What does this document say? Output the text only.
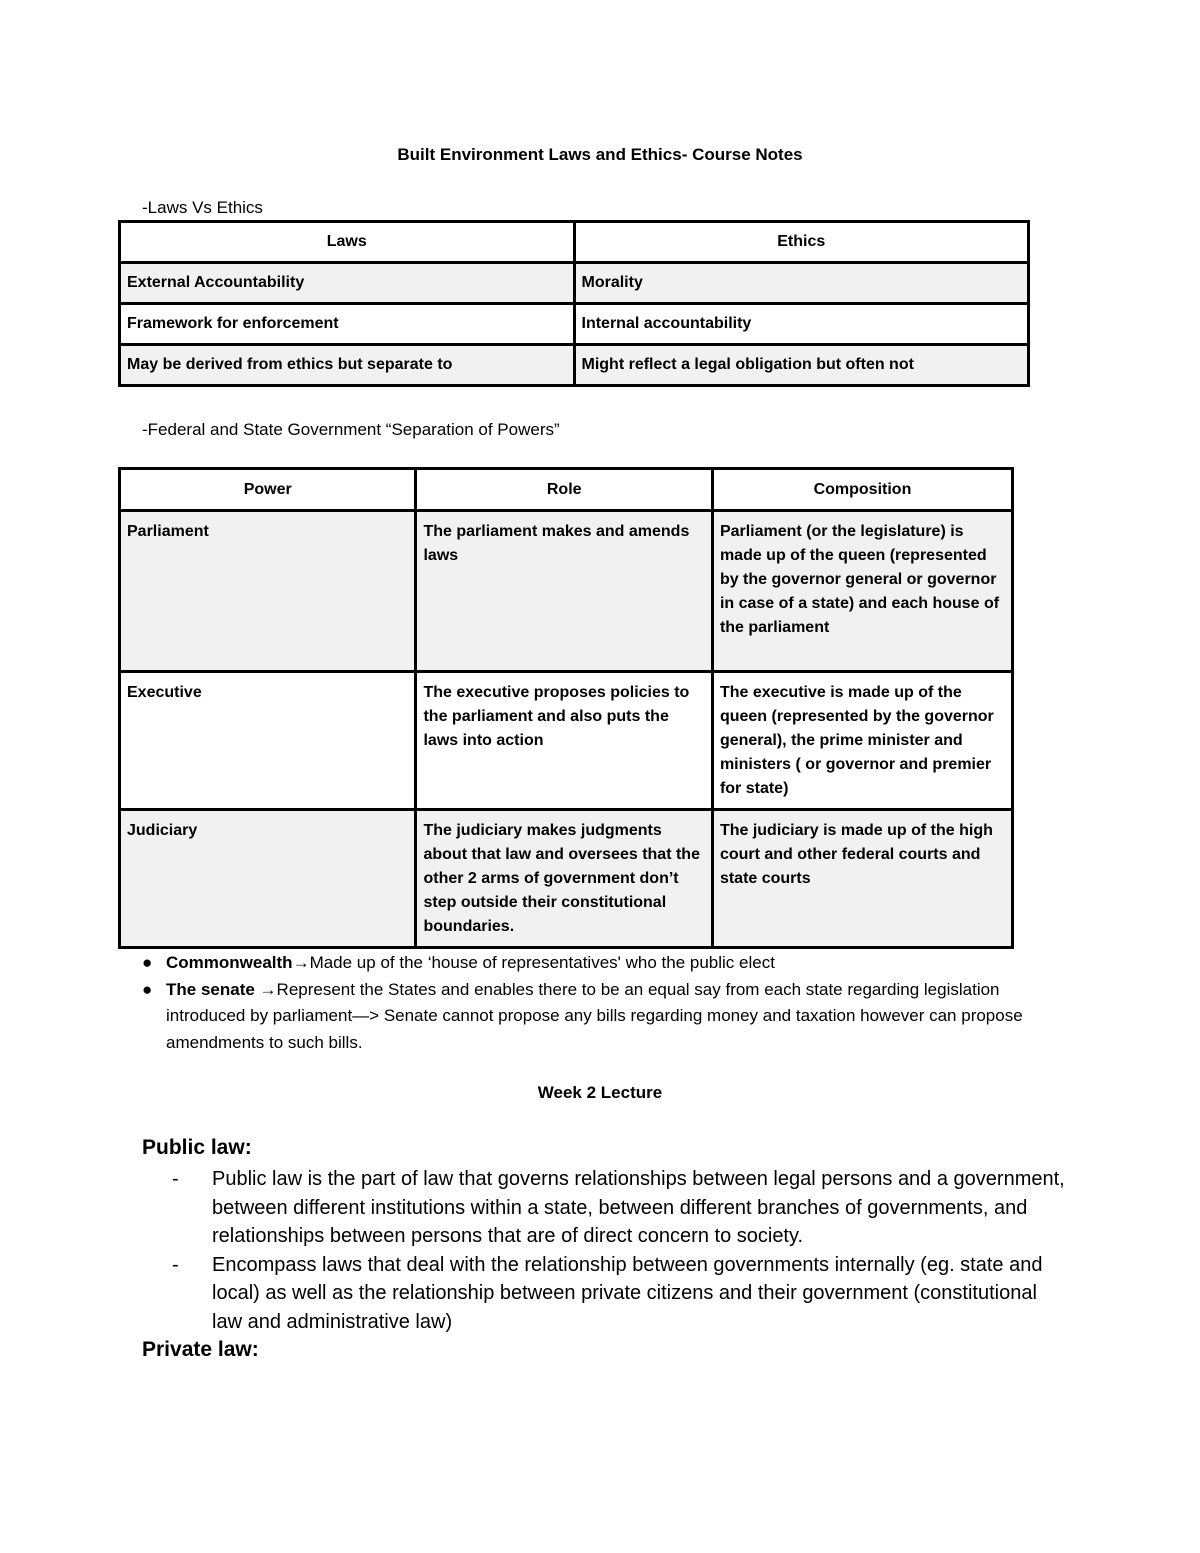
Built Environment Laws and Ethics- Course Notes
-Laws Vs Ethics
Laws	Ethics
External Accountability	Morality
Framework for enforcement	Internal accountability
May be derived from ethics but separate to	Might reflect a legal obligation but often not
-Federal and State Government “Separation of Powers”
Power	Role	Composition
Parliament	The parliament makes and amends laws	Parliament (or the legislature) is made up of the queen (represented by the governor general or governor in case of a state) and each house of the parliament
Executive	The executive proposes policies to the parliament and also puts the laws into action	The executive is made up of the queen (represented by the governor general), the prime minister and ministers ( or governor and premier for state)
Judiciary	The judiciary makes judgments about that law and oversees that the other 2 arms of government don’t step outside their constitutional boundaries.	The judiciary is made up of the high court and other federal courts and state courts
● Commonwealth→Made up of the ‘house of representatives' who the public elect
● The senate →Represent the States and enables there to be an equal say from each state regarding legislation introduced by parliament—> Senate cannot propose any bills regarding money and taxation however can propose amendments to such bills.
Week 2 Lecture
Public law:
- Public law is the part of law that governs relationships between legal persons and a government, between different institutions within a state, between different branches of governments, and relationships between persons that are of direct concern to society.
- Encompass laws that deal with the relationship between governments internally (eg. state and local) as well as the relationship between private citizens and their government (constitutional law and administrative law)
Private law:
